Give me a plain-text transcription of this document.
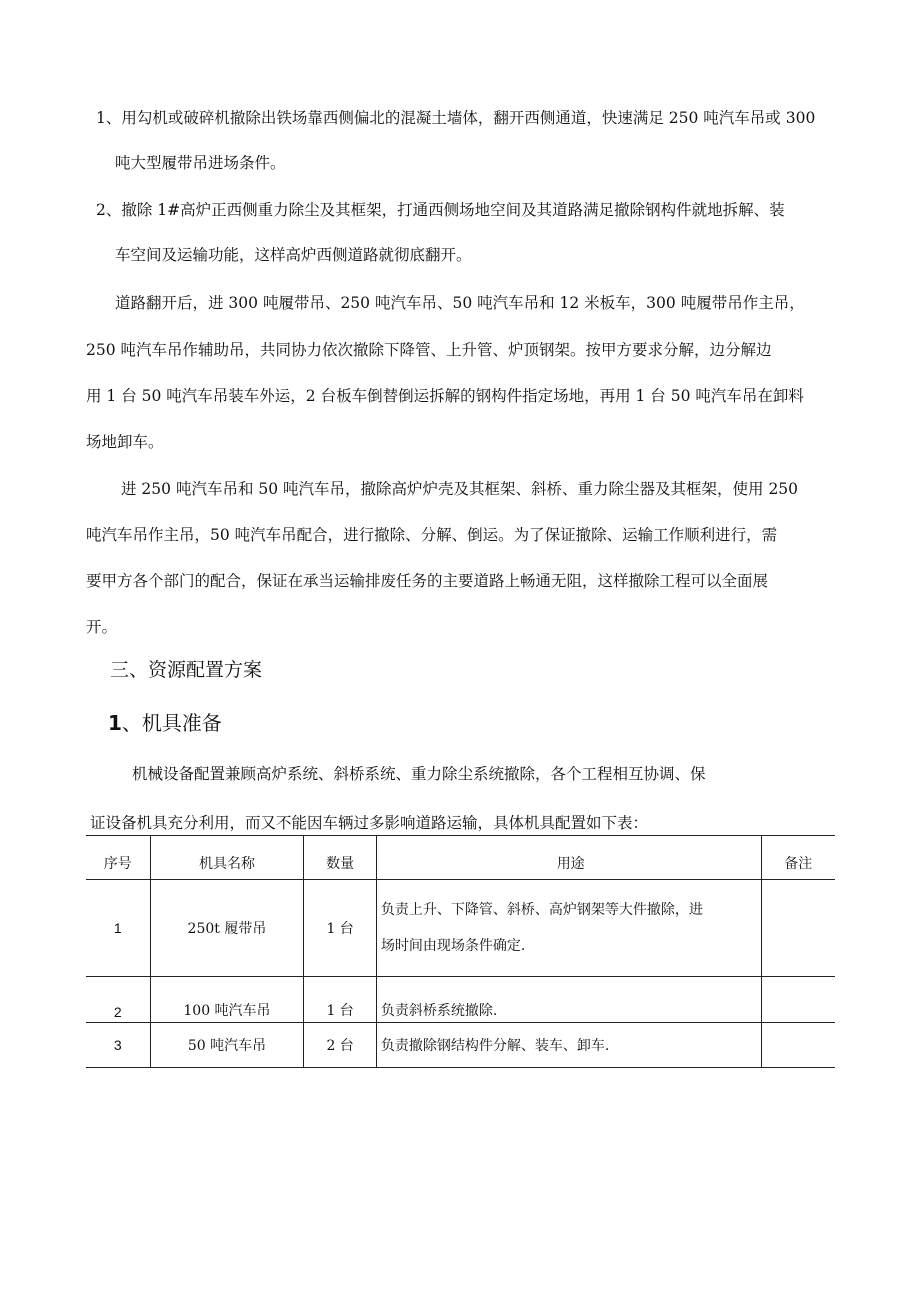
1、用勾机或破碎机撤除出铁场靠西侧偏北的混凝土墙体，翻开西侧通道，快速满足 250 吨汽车吊或 300
吨大型履带吊进场条件。
2、撤除 1#高炉正西侧重力除尘及其框架，打通西侧场地空间及其道路满足撤除钢构件就地拆解、装
车空间及运输功能，这样高炉西侧道路就彻底翻开。
道路翻开后，进 300 吨履带吊、250 吨汽车吊、50 吨汽车吊和 12 米板车，300 吨履带吊作主吊，
250 吨汽车吊作辅助吊，共同协力依次撤除下降管、上升管、炉顶钢架。按甲方要求分解，边分解边
用 1 台 50 吨汽车吊装车外运，2 台板车倒替倒运拆解的钢构件指定场地，再用 1 台 50 吨汽车吊在卸料
场地卸车。
进 250 吨汽车吊和 50 吨汽车吊，撤除高炉炉壳及其框架、斜桥、重力除尘器及其框架，使用 250
吨汽车吊作主吊，50 吨汽车吊配合，进行撤除、分解、倒运。为了保证撤除、运输工作顺利进行，需
要甲方各个部门的配合，保证在承当运输排废任务的主要道路上畅通无阻，这样撤除工程可以全面展
开。
三、资源配置方案
1、机具准备
机械设备配置兼顾高炉系统、斜桥系统、重力除尘系统撤除，各个工程相互协调、保
证设备机具充分利用，而又不能因车辆过多影响道路运输，具体机具配置如下表：
序号	机具名称	数量	用途	备注
1	250t 履带吊	1 台	负责上升、下降管、斜桥、高炉钢架等大件撤除，进
场时间由现场条件确定.	

2	100 吨汽车吊	1 台	负责斜桥系统撤除.	
3	50 吨汽车吊	2 台	负责撤除钢结构件分解、装车、卸车.	
